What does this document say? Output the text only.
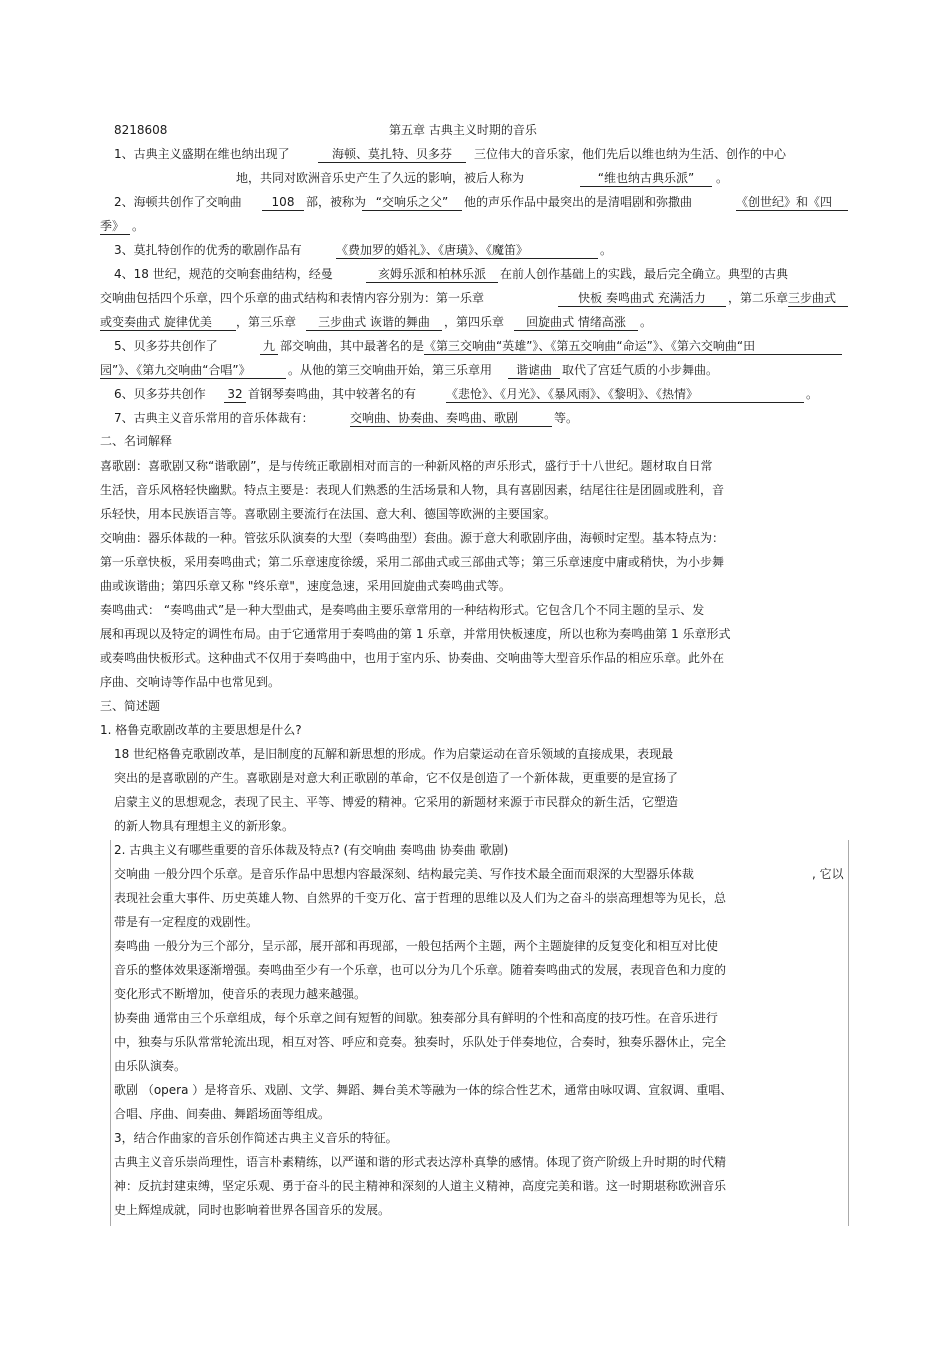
8218608	第五章 古典主义时期的音乐
1、古典主义盛期在维也纳出现了	海顿、莫扎特、贝多芬	三位伟大的音乐家，他们先后以维也纳为生活、创作的中心
地，共同对欧洲音乐史产生了久远的影响，被后人称为	“维也纳古典乐派”	。
2、海顿共创作了交响曲	108 部，被称为 “交响乐之父”	他的声乐作品中最突出的是清唱剧和弥撒曲	《创世纪》和《四
季》 。
3、莫扎特创作的优秀的歌剧作品有	《费加罗的婚礼》、《唐璜》、《魔笛》	。
4、18 世纪，规范的交响套曲结构，经曼	亥姆乐派和柏林乐派	在前人创作基础上的实践，最后完全确立。典型的古典
交响曲包括四个乐章，四个乐章的曲式结构和表情内容分别为：第一乐章	快板 奏鸣曲式 充满活力	，第二乐章 三步曲式
或变奏曲式 旋律优美	，第三乐章	三步曲式 诙谐的舞曲	，第四乐章	回旋曲式 情绪高涨	。
5、贝多芬共创作了	九 部交响曲，其中最著名的是 《第三交响曲“英雄”》、《第五交响曲“命运”》、《第六交响曲“田
园”》、《第九交响曲“合唱”》	。从他的第三交响曲开始，第三乐章用	谐谑曲 取代了宫廷气质的小步舞曲。
6、贝多芬共创作 32 首钢琴奏鸣曲，其中较著名的有 《悲怆》、《月光》、《暴风雨》、《黎明》、《热情》	。
7、古典主义音乐常用的音乐体裁有：	交响曲、协奏曲、奏鸣曲、歌剧	等。
二、名词解释
喜歌剧：喜歌剧又称“谐歌剧”，是与传统正歌剧相对而言的一种新风格的声乐形式，盛行于十八世纪。题材取自日常
生活，音乐风格轻快幽默。特点主要是：表现人们熟悉的生活场景和人物，具有喜剧因素，结尾往往是团圆或胜利，音
乐轻快，用本民族语言等。喜歌剧主要流行在法国、意大利、德国等欧洲的主要国家。
交响曲：器乐体裁的一种。管弦乐队演奏的大型（奏鸣曲型）套曲。源于意大利歌剧序曲，海顿时定型。基本特点为：
第一乐章快板，采用奏鸣曲式；第二乐章速度徐缓，采用二部曲式或三部曲式等；第三乐章速度中庸或稍快，为小步舞
曲或诙谐曲；第四乐章又称 "终乐章"，速度急速，采用回旋曲式奏鸣曲式等。
奏鸣曲式： “奏鸣曲式”是一种大型曲式，是奏鸣曲主要乐章常用的一种结构形式。它包含几个不同主题的呈示、发
展和再现以及特定的调性布局。由于它通常用于奏鸣曲的第 1 乐章，并常用快板速度，所以也称为奏鸣曲第 1 乐章形式
或奏鸣曲快板形式。这种曲式不仅用于奏鸣曲中，也用于室内乐、协奏曲、交响曲等大型音乐作品的相应乐章。此外在
序曲、交响诗等作品中也常见到。
三、简述题
1. 格鲁克歌剧改革的主要思想是什么?
18 世纪格鲁克歌剧改革，是旧制度的瓦解和新思想的形成。作为启蒙运动在音乐领域的直接成果，表现最
突出的是喜歌剧的产生。喜歌剧是对意大利正歌剧的革命，它不仅是创造了一个新体裁，更重要的是宣扬了
启蒙主义的思想观念，表现了民主、平等、博爱的精神。它采用的新题材来源于市民群众的新生活，它塑造
的新人物具有理想主义的新形象。
2. 古典主义有哪些重要的音乐体裁及特点? (有交响曲 奏鸣曲 协奏曲 歌剧)
交响曲 一般分四个乐章。是音乐作品中思想内容最深刻、结构最完美、写作技术最全面而艰深的大型器乐体裁	, 它以
表现社会重大事件、历史英雄人物、自然界的千变万化、富于哲理的思维以及人们为之奋斗的崇高理想等为见长，总
带是有一定程度的戏剧性。
奏鸣曲 一般分为三个部分，呈示部，展开部和再现部，一般包括两个主题，两个主题旋律的反复变化和相互对比使
音乐的整体效果逐渐增强。奏鸣曲至少有一个乐章，也可以分为几个乐章。随着奏鸣曲式的发展，表现音色和力度的
变化形式不断增加，使音乐的表现力越来越强。
协奏曲 通常由三个乐章组成，每个乐章之间有短暂的间歇。独奏部分具有鲜明的个性和高度的技巧性。在音乐进行
中，独奏与乐队常常轮流出现，相互对答、呼应和竞奏。独奏时，乐队处于伴奏地位，合奏时，独奏乐器休止，完全
由乐队演奏。
歌剧 （opera ）是将音乐、戏剧、文学、舞蹈、舞台美术等融为一体的综合性艺术，通常由咏叹调、宣叙调、重唱、
合唱、序曲、间奏曲、舞蹈场面等组成。
3，结合作曲家的音乐创作简述古典主义音乐的特征。
古典主义音乐崇尚理性，语言朴素精练，以严谨和谐的形式表达淳朴真挚的感情。体现了资产阶级上升时期的时代精
神：反抗封建束缚，坚定乐观、勇于奋斗的民主精神和深刻的人道主义精神，高度完美和谐。这一时期堪称欧洲音乐
史上辉煌成就，同时也影响着世界各国音乐的发展。
